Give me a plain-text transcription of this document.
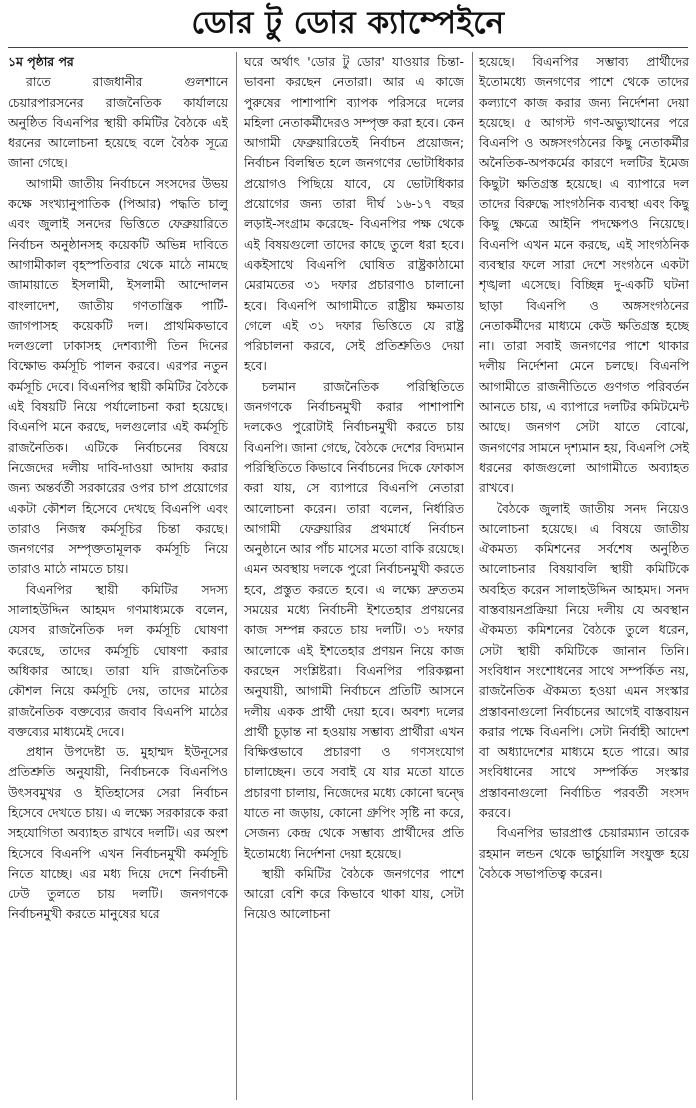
ডোর টু ডোর ক্যাম্পেইনে
১ম পৃষ্ঠার পর

রাতে রাজধানীর গুলশানে চেয়ারপারসনের রাজনৈতিক কার্যালয়ে অনুষ্ঠিত বিএনপির স্থায়ী কমিটির বৈঠকে এই ধরনের আলোচনা হয়েছে বলে বৈঠক সূত্রে জানা গেছে।

আগামী জাতীয় নির্বাচনে সংসদের উভয় কক্ষে সংখ্যানুপাতিক (পিআর) পদ্ধতি চালু এবং জুলাই সনদের ভিত্তিতে ফেব্রুয়ারিতে নির্বাচন অনুষ্ঠানসহ কয়েকটি অভিন্ন দাবিতে আগামীকাল বৃহস্পতিবার থেকে মাঠে নামছে জামায়াতে ইসলামী, ইসলামী আন্দোলন বাংলাদেশ, জাতীয় গণতান্ত্রিক পার্টি-জাগপাসহ কয়েকটি দল। প্রাথমিকভাবে দলগুলো ঢাকাসহ দেশব্যাপী তিন দিনের বিক্ষোভ কর্মসূচি পালন করবে। এরপর নতুন কর্মসূচি দেবে। বিএনপির স্থায়ী কমিটির বৈঠকে এই বিষয়টি নিয়ে পর্যালোচনা করা হয়েছে। বিএনপি মনে করছে, দলগুলোর এই কর্মসূচি রাজনৈতিক। এটিকে নির্বাচনের বিষয়ে নিজেদের দলীয় দাবি-দাওয়া আদায় করার জন্য অন্তর্বর্তী সরকারের ওপর চাপ প্রয়োগের একটা কৌশল হিসেবে দেখছে বিএনপি এবং তারাও নিজস্ব কর্মসূচির চিন্তা করছে। জনগণের সম্পৃক্ততামূলক কর্মসূচি নিয়ে তারাও মাঠে নামতে চায়।

বিএনপির স্থায়ী কমিটির সদস্য সালাহউদ্দিন আহমদ গণমাধ্যমকে বলেন, যেসব রাজনৈতিক দল কর্মসূচি ঘোষণা করেছে, তাদের কর্মসূচি ঘোষণা করার অধিকার আছে। তারা যদি রাজনৈতিক কৌশল নিয়ে কর্মসূচি দেয়, তাদের মাঠের রাজনৈতিক বক্তব্যের জবাব বিএনপি মাঠের বক্তব্যের মাধ্যমেই দেবে।

প্রধান উপদেষ্টা ড. মুহাম্মদ ইউনূসের প্রতিশ্রুতি অনুযায়ী, নির্বাচনকে বিএনপিও উৎসবমুখর ও ইতিহাসের সেরা নির্বাচন হিসেবে দেখতে চায়। এ লক্ষ্যে সরকারকে করা সহযোগিতা অব্যাহত রাখবে দলটি। এর অংশ হিসেবে বিএনপি এখন নির্বাচনমুখী কর্মসূচি নিতে যাচ্ছে। এর মধ্য দিয়ে দেশে নির্বাচনী ঢেউ তুলতে চায় দলটি। জনগণকে নির্বাচনমুখী করতে মানুষের ঘরে

ঘরে অর্থাৎ 'ডোর টু ডোর' যাওয়ার চিন্তা-ভাবনা করছেন নেতারা। আর এ কাজে পুরুষের পাশাপাশি ব্যাপক পরিসরে দলের মহিলা নেতাকর্মীদেরও সম্পৃক্ত করা হবে। কেন আগামী ফেব্রুয়ারিতেই নির্বাচন প্রয়োজন; নির্বাচন বিলম্বিত হলে জনগণের ভোটাধিকার প্রয়োগও পিছিয়ে যাবে, যে ভোটাধিকার প্রয়োগের জন্য তারা দীর্ঘ ১৬-১৭ বছর লড়াই-সংগ্রাম করেছে- বিএনপির পক্ষ থেকে এই বিষয়গুলো তাদের কাছে তুলে ধরা হবে। একইসাথে বিএনপি ঘোষিত রাষ্ট্রকাঠামো মেরামতের ৩১ দফার প্রচারণাও চালানো হবে। বিএনপি আগামীতে রাষ্ট্রীয় ক্ষমতায় গেলে এই ৩১ দফার ভিত্তিতে যে রাষ্ট্র পরিচালনা করবে, সেই প্রতিশ্রুতিও দেয়া হবে।

চলমান রাজনৈতিক পরিস্থিতিতে জনগণকে নির্বাচনমুখী করার পাশাপাশি দলকেও পুরোটাই নির্বাচনমুখী করতে চায় বিএনপি। জানা গেছে, বৈঠকে দেশের বিদ্যমান পরিস্থিতিতে কিভাবে নির্বাচনের দিকে ফোকাস করা যায়, সে ব্যাপারে বিএনপি নেতারা আলোচনা করেন। তারা বলেন, নির্ধারিত আগামী ফেব্রুয়ারির প্রথমার্ধে নির্বাচন অনুষ্ঠানে আর পাঁচ মাসের মতো বাকি রয়েছে। এমন অবস্থায় দলকে পুরো নির্বাচনমুখী করতে হবে, প্রস্তুত করতে হবে। এ লক্ষ্যে দ্রুততম সময়ের মধ্যে নির্বাচনী ইশতেহার প্রণয়নের কাজ সম্পন্ন করতে চায় দলটি। ৩১ দফার আলোকে এই ইশতেহার প্রণয়ন নিয়ে কাজ করছেন সংশ্লিষ্টরা। বিএনপির পরিকল্পনা অনুযায়ী, আগামী নির্বাচনে প্রতিটি আসনে দলীয় একক প্রার্থী দেয়া হবে। অবশ্য দলের প্রার্থী চূড়ান্ত না হওয়ায় সম্ভাব্য প্রার্থীরা এখন বিক্ষিপ্তভাবে প্রচারণা ও গণসংযোগ চালাচ্ছেন। তবে সবাই যে যার মতো যাতে প্রচারণা চালায়, নিজেদের মধ্যে কোনো দ্বন্দ্বে যাতে না জড়ায়, কোনো গ্রুপিং সৃষ্টি না করে, সেজন্য কেন্দ্র থেকে সম্ভাব্য প্রার্থীদের প্রতি ইতোমধ্যে নির্দেশনা দেয়া হয়েছে।

স্থায়ী কমিটির বৈঠকে জনগণের পাশে আরো বেশি করে কিভাবে থাকা যায়, সেটা নিয়েও আলোচনা

হয়েছে। বিএনপির সম্ভাব্য প্রার্থীদের ইতোমধ্যে জনগণের পাশে থেকে তাদের কল্যাণে কাজ করার জন্য নির্দেশনা দেয়া হয়েছে। ৫ আগস্ট গণ-অভ্যুত্থানের পরে বিএনপি ও অঙ্গসংগঠনের কিছু নেতাকর্মীর অনৈতিক-অপকর্মের কারণে দলটির ইমেজ কিছুটা ক্ষতিগ্রস্ত হয়েছে। এ ব্যাপারে দল তাদের বিরুদ্ধে সাংগঠনিক ব্যবস্থা এবং কিছু কিছু ক্ষেত্রে আইনি পদক্ষেপও নিয়েছে। বিএনপি এখন মনে করছে, এই সাংগঠনিক ব্যবস্থার ফলে সারা দেশে সংগঠনে একটা শৃঙ্খলা এসেছে। বিচ্ছিন্ন দু-একটি ঘটনা ছাড়া বিএনপি ও অঙ্গসংগঠনের নেতাকর্মীদের মাধ্যমে কেউ ক্ষতিগ্রস্ত হচ্ছে না। তারা সবাই জনগণের পাশে থাকার দলীয় নির্দেশনা মেনে চলছে। বিএনপি আগামীতে রাজনীতিতে গুণগত পরিবর্তন আনতে চায়, এ ব্যাপারে দলটির কমিটমেন্ট আছে। জনগণ সেটা যাতে বোঝে, জনগণের সামনে দৃশ্যমান হয়, বিএনপি সেই ধরনের কাজগুলো আগামীতে অব্যাহত রাখবে।

বৈঠকে জুলাই জাতীয় সনদ নিয়েও আলোচনা হয়েছে। এ বিষয়ে জাতীয় ঐকমত্য কমিশনের সর্বশেষ অনুষ্ঠিত আলোচনার বিষয়াবলি স্থায়ী কমিটিকে অবহিত করেন সালাহউদ্দিন আহমদ। সনদ বাস্তবায়নপ্রক্রিয়া নিয়ে দলীয় যে অবস্থান ঐকমত্য কমিশনের বৈঠকে তুলে ধরেন, সেটা স্থায়ী কমিটিকে জানান তিনি। সংবিধান সংশোধনের সাথে সম্পর্কিত নয়, রাজনৈতিক ঐকমত্য হওয়া এমন সংস্কার প্রস্তাবনাগুলো নির্বাচনের আগেই বাস্তবায়ন করার পক্ষে বিএনপি। সেটা নির্বাহী আদেশ বা অধ্যাদেশের মাধ্যমে হতে পারে। আর সংবিধানের সাথে সম্পর্কিত সংস্কার প্রস্তাবনাগুলো নির্বাচিত পরবর্তী সংসদ করবে।

বিএনপির ভারপ্রাপ্ত চেয়ারম্যান তারেক রহমান লন্ডন থেকে ভার্চুয়ালি সংযুক্ত হয়ে বৈঠকে সভাপতিত্ব করেন।
